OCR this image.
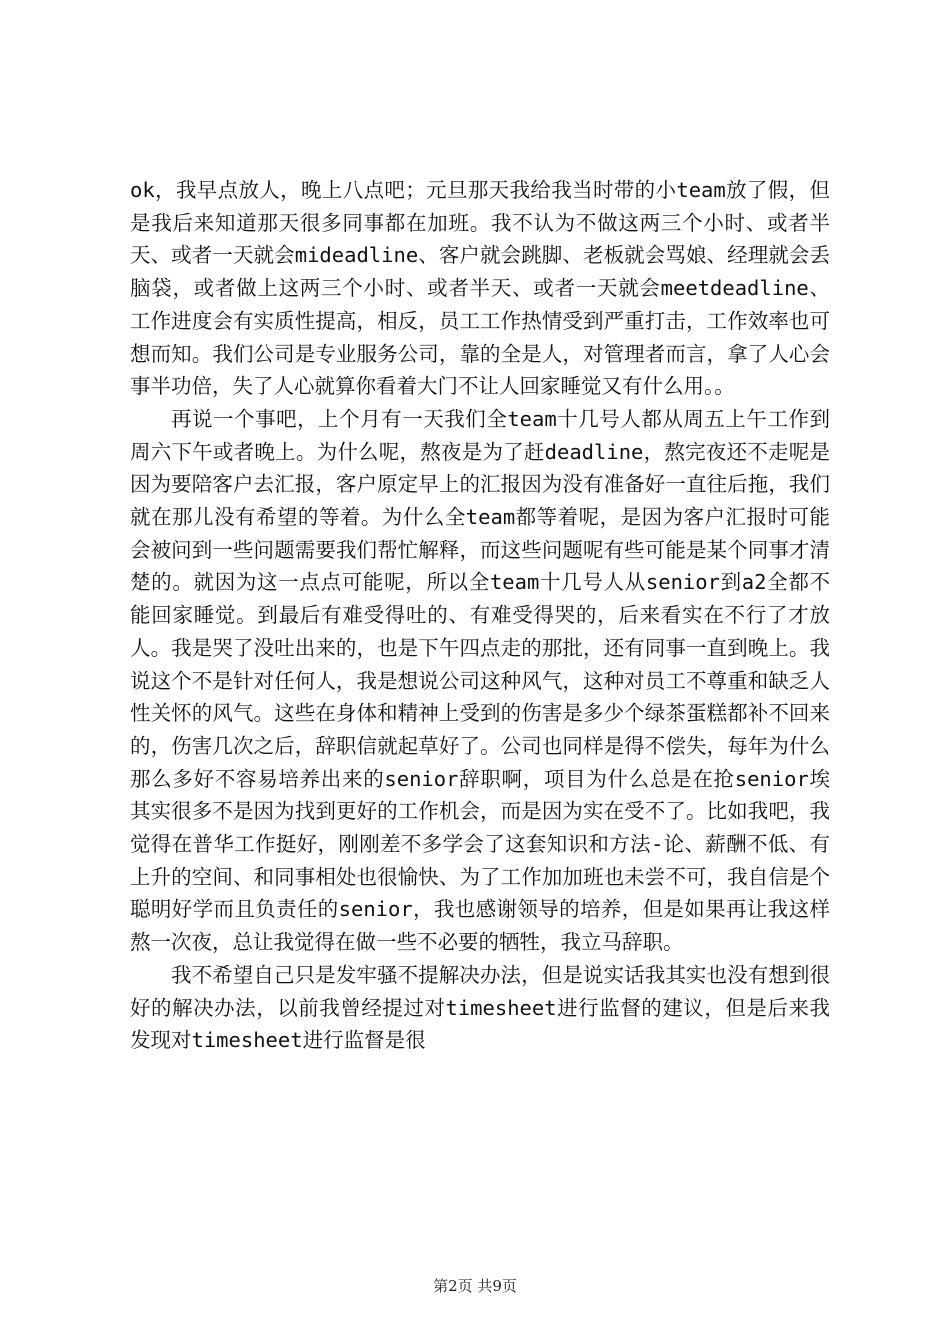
ok，我早点放人，晚上八点吧；元旦那天我给我当时带的小team放了假，但是我后来知道那天很多同事都在加班。我不认为不做这两三个小时、或者半天、或者一天就会mideadline、客户就会跳脚、老板就会骂娘、经理就会丢脑袋，或者做上这两三个小时、或者半天、或者一天就会meetdeadline、工作进度会有实质性提高，相反，员工工作热情受到严重打击，工作效率也可想而知。我们公司是专业服务公司，靠的全是人，对管理者而言，拿了人心会事半功倍，失了人心就算你看着大门不让人回家睡觉又有什么用。。

再说一个事吧，上个月有一天我们全team十几号人都从周五上午工作到周六下午或者晚上。为什么呢，熬夜是为了赶deadline，熬完夜还不走呢是因为要陪客户去汇报，客户原定早上的汇报因为没有准备好一直往后拖，我们就在那儿没有希望的等着。为什么全team都等着呢，是因为客户汇报时可能会被问到一些问题需要我们帮忙解释，而这些问题呢有些可能是某个同事才清楚的。就因为这一点点可能呢，所以全team十几号人从senior到a2全都不能回家睡觉。到最后有难受得吐的、有难受得哭的，后来看实在不行了才放人。我是哭了没吐出来的，也是下午四点走的那批，还有同事一直到晚上。我说这个不是针对任何人，我是想说公司这种风气，这种对员工不尊重和缺乏人性关怀的风气。这些在身体和精神上受到的伤害是多少个绿茶蛋糕都补不回来的，伤害几次之后，辞职信就起草好了。公司也同样是得不偿失，每年为什么那么多好不容易培养出来的senior辞职啊，项目为什么总是在抢senior埃其实很多不是因为找到更好的工作机会，而是因为实在受不了。比如我吧，我觉得在普华工作挺好，刚刚差不多学会了这套知识和方法-论、薪酬不低、有上升的空间、和同事相处也很愉快、为了工作加加班也未尝不可，我自信是个聪明好学而且负责任的senior，我也感谢领导的培养，但是如果再让我这样熬一次夜，总让我觉得在做一些不必要的牺牲，我立马辞职。

我不希望自己只是发牢骚不提解决办法，但是说实话我其实也没有想到很好的解决办法，以前我曾经提过对timesheet进行监督的建议，但是后来我发现对timesheet进行监督是很

第2页 共9页
